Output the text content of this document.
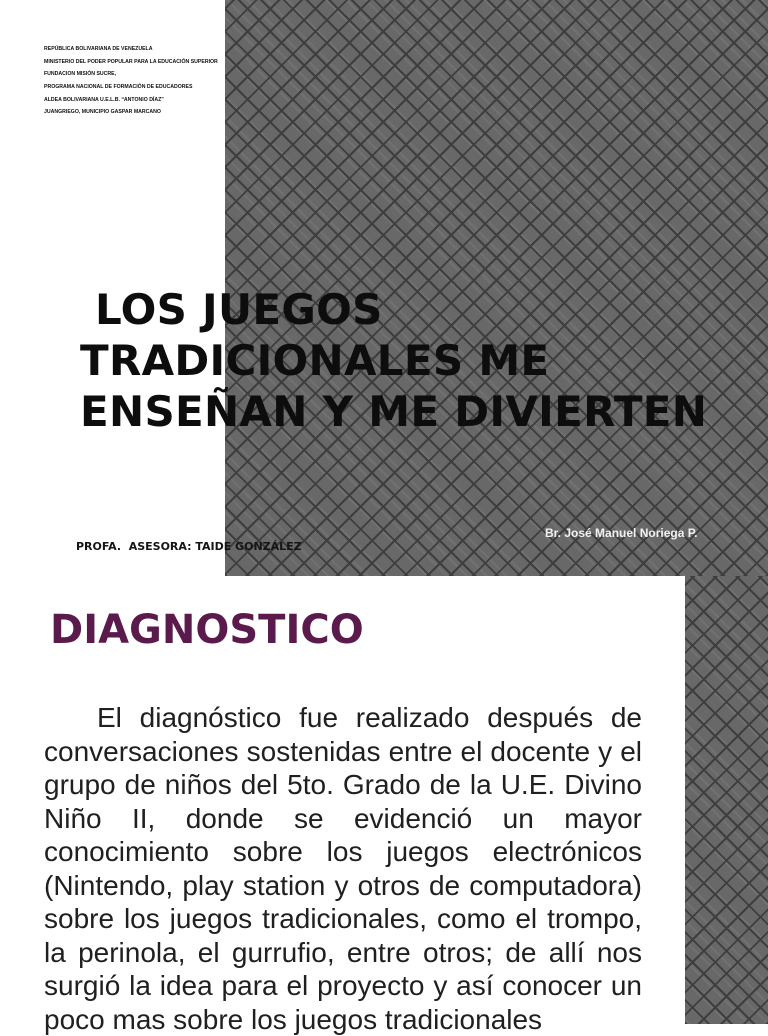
REPÚBLICA BOLIVARIANA DE VENEZUELA
MINISTERIO DEL PODER POPULAR PARA LA EDUCACIÓN SUPERIOR
FUNDACION MISIÓN SUCRE,
PROGRAMA NACIONAL DE FORMACIÓN DE EDUCADORES
ALDEA BOLIVARIANA U.E.L.B. “ANTONIO DÍAZ”
JUANGRIEGO, MUNICIPIO GASPAR MARCANO
LOS JUEGOS
TRADICIONALES ME
ENSEÑAN Y ME DIVIERTEN

PROFA.  ASESORA: TAIDE GONZÁLEZ

Br. José Manuel Noriega P.
DIAGNOSTICO

El diagnóstico fue realizado después de conversaciones sostenidas entre el docente y el grupo de niños del 5to. Grado de la U.E. Divino Niño II, donde se evidenció un mayor conocimiento sobre los juegos electrónicos (Nintendo, play station y otros de computadora) sobre los juegos tradicionales, como el trompo, la perinola, el gurrufio, entre otros; de allí nos surgió la idea para el proyecto y así conocer un poco mas sobre los juegos tradicionales
